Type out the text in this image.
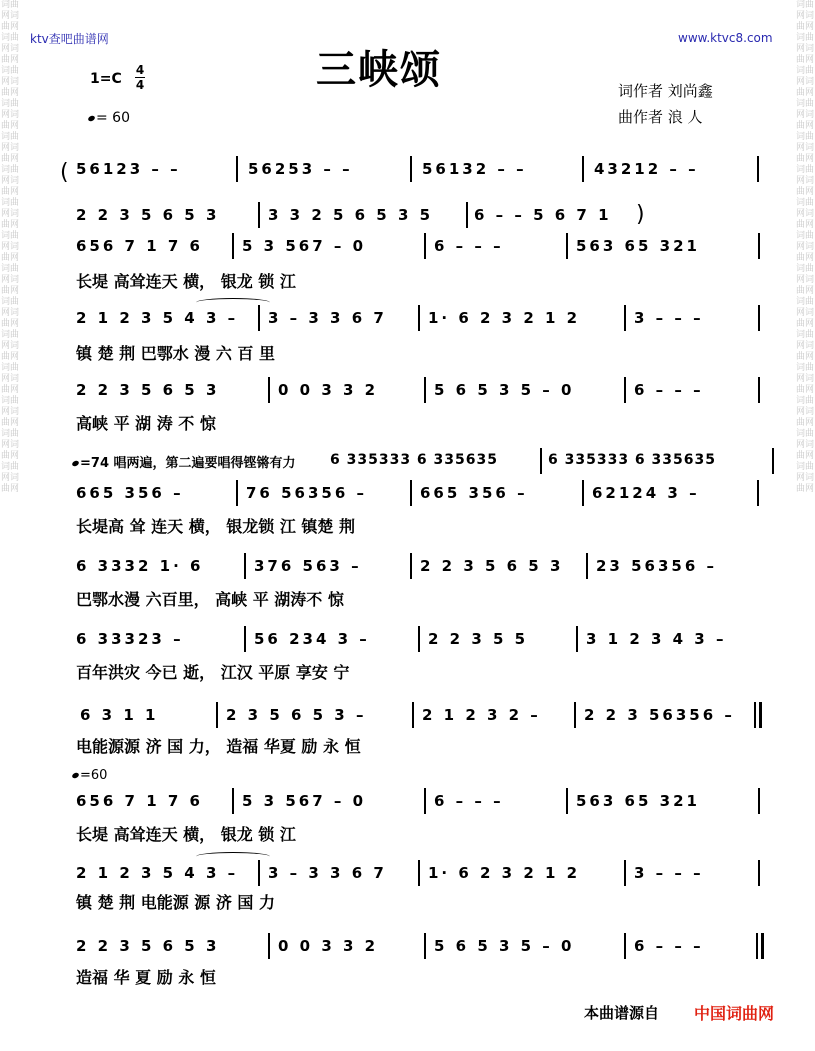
词曲网词曲网词曲网词曲网词曲网词曲网词曲网词曲网词曲网词曲网词曲网词曲网词曲网词曲网词曲网词曲网词曲网词曲网词曲网词曲网词曲网词曲网词曲网词曲网词曲网词曲网词曲网词曲网词曲网词曲网
词曲网词曲网词曲网词曲网词曲网词曲网词曲网词曲网词曲网词曲网词曲网词曲网词曲网词曲网词曲网词曲网词曲网词曲网词曲网词曲网词曲网词曲网词曲网词曲网词曲网词曲网词曲网词曲网词曲网词曲网
ktv查吧曲谱网	www.ktvc8.com
三峡颂
1=C
4
4
= 60
词作者 刘尚鑫
曲作者 浪 人
( 56123 – –	56253 – –	56132 – –	43212 – –
2 2 3 5 6 5 3	3 3 2 5 6 5 3 5	6 – – 5 6 7 1 )
656 7 1 7 6	5 3 567 – 0	6 – – –	563 65 321
长堤 高耸连天 横， 银龙 锁 江
2 1 2 3 5 4 3 – 3 – 3 3 6 7	1· 6 2 3 2 1 2	3 – – –
镇 楚 荆 巴鄂水 漫 六 百 里
2 2 3 5 6 5 3	0 0 3 3 2	5 6 5 3 5 – 0	6 – – –
高峡 平 湖 涛 不 惊
=74 唱两遍，第二遍要唱得铿锵有力 6 335333 6 335635	6 335333 6 335635
665 356 –	76 56356 –	665 356 –	62124 3 –
长堤高 耸 连天 横， 银龙锁 江 镇楚 荆
6 3332 1· 6	376 563 –	2 2 3 5 6 5 3 23 56356 –
巴鄂水漫 六百里， 高峡 平 湖涛不 惊
6 33323 –	56 234 3 –	2 2 3 5 5	3 1 2 3 4 3 –
百年洪灾 今已 逝， 江汉 平原 享安 宁
6 3 1 1	2 3 5 6 5 3 –	2 1 2 3 2 –	2 2 3 56356 –
电能源源 济 国 力， 造福 华夏 励 永 恒
=60
656 7 1 7 6	5 3 567 – 0	6 – – –	563 65 321
长堤 高耸连天 横， 银龙 锁 江
2 1 2 3 5 4 3 – 3 – 3 3 6 7	1· 6 2 3 2 1 2	3 – – –
镇 楚 荆 电能源 源 济 国 力
2 2 3 5 6 5 3	0 0 3 3 2	5 6 5 3 5 – 0	6 – – –
造福 华 夏 励 永 恒
本曲谱源自 中国词曲网
